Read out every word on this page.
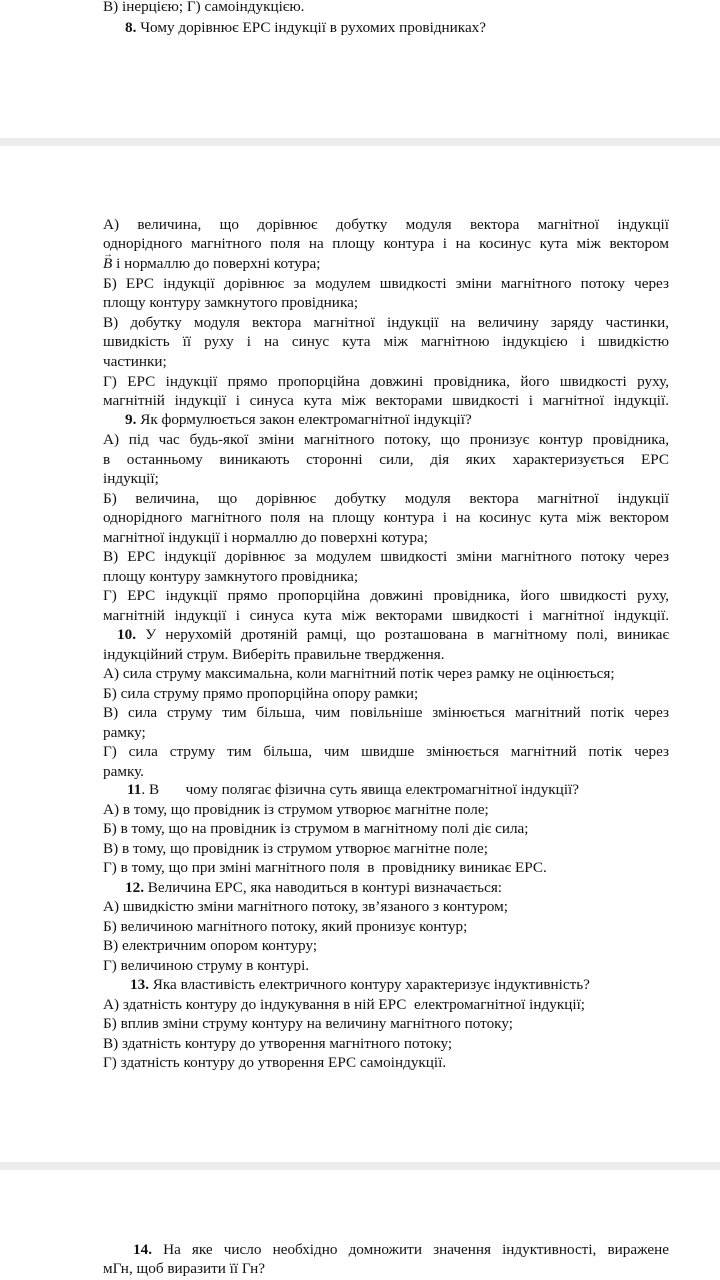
В) інерцією; Г) самоіндукцією.
8. Чому дорівнює ЕРС індукції в рухомих провідниках?
А) величина, що дорівнює добутку модуля вектора магнітної індукції
однорідного магнітного поля на площу контура і на косинус кута між вектором
→ B і нормаллю до поверхні котура;
Б) ЕРС індукції дорівнює за модулем швидкості зміни магнітного потоку через
площу контуру замкнутого провідника;
В) добутку модуля вектора магнітної індукції на величину заряду частинки,
швидкість її руху і на синус кута між магнітною індукцією і швидкістю
частинки;
Г) ЕРС індукції прямо пропорційна довжині провідника, його швидкості руху,
магнітній індукції і синуса кута між векторами швидкості і магнітної індукції.
9. Як формулюється закон електромагнітної індукції?
А) під час будь-якої зміни магнітного потоку, що пронизує контур провідника,
в останньому виникають сторонні сили, дія яких характеризується ЕРС
індукції;
Б) величина, що дорівнює добутку модуля вектора магнітної індукції
однорідного магнітного поля на площу контура і на косинус кута між вектором
магнітної індукції і нормаллю до поверхні котура;
В) ЕРС індукції дорівнює за модулем швидкості зміни магнітного потоку через
площу контуру замкнутого провідника;
Г) ЕРС індукції прямо пропорційна довжині провідника, його швидкості руху,
магнітній індукції і синуса кута між векторами швидкості і магнітної індукції.
10. У нерухомій дротяній рамці, що розташована в магнітному полі, виникає
індукційний струм. Виберіть правильне твердження.
А) сила струму максимальна, коли магнітний потік через рамку не оцінюється;
Б) сила струму прямо пропорційна опору рамки;
В) сила струму тим більша, чим повільніше змінюється магнітний потік через
рамку;
Г) сила струму тим більша, чим швидше змінюється магнітний потік через
рамку.
11. В       чому полягає фізична суть явища електромагнітної індукції?
А) в тому, що провідник із струмом утворює магнітне поле;
Б) в тому, що на провідник із струмом в магнітному полі діє сила;
В) в тому, що провідник із струмом утворює магнітне поле;
Г) в тому, що при зміні магнітного поля  в  провіднику виникає ЕРС.
12. Величина ЕРС, яка наводиться в контурі визначається:
А) швидкістю зміни магнітного потоку, зв’язаного з контуром;
Б) величиною магнітного потоку, який пронизує контур;
В) електричним опором контуру;
Г) величиною струму в контурі.
13. Яка властивість електричного контуру характеризує індуктивність?
А) здатність контуру до індукування в ній ЕРС  електромагнітної індукції;
Б) вплив зміни струму контуру на величину магнітного потоку;
В) здатність контуру до утворення магнітного потоку;
Г) здатність контуру до утворення ЕРС самоіндукції.
14. На яке число необхідно домножити значення індуктивності, виражене
мГн, щоб виразити її Гн?
